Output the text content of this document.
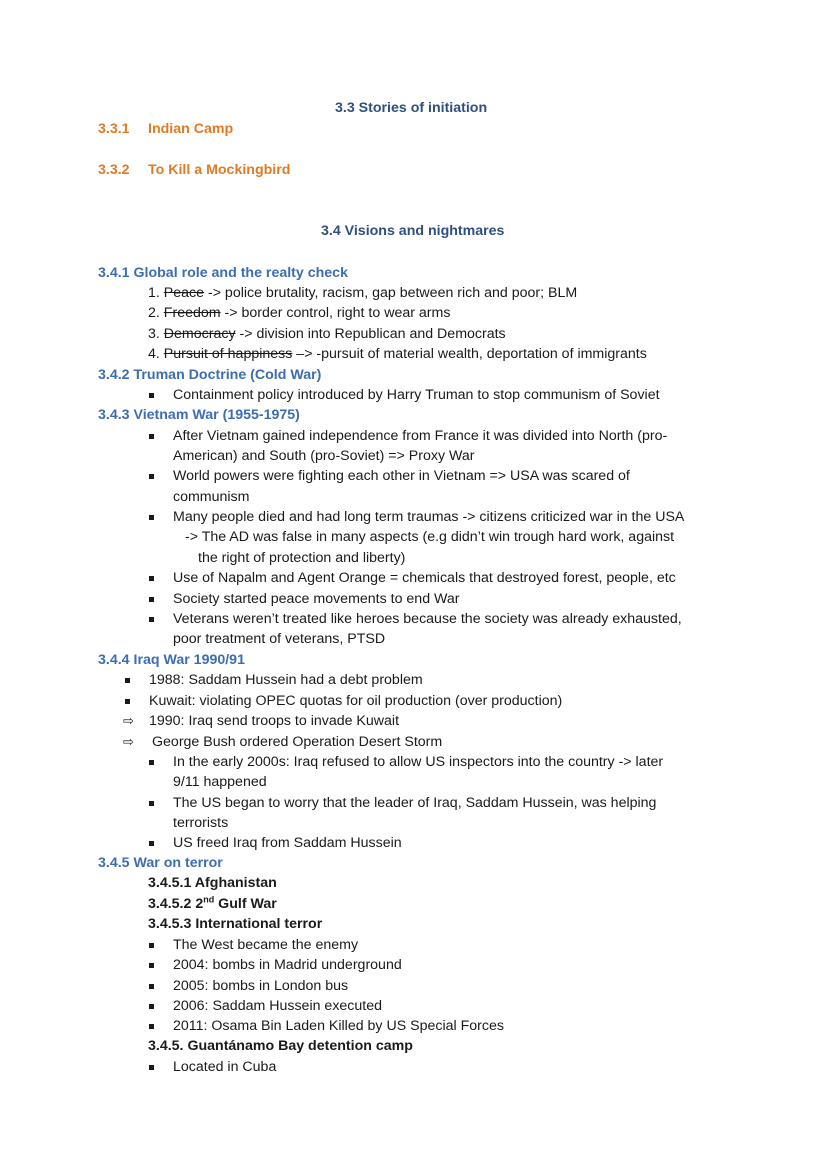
3.3 Stories of initiation
3.3.1 Indian Camp
3.3.2 To Kill a Mockingbird
3.4 Visions and nightmares
3.4.1 Global role and the realty check
1. Peace -> police brutality, racism, gap between rich and poor; BLM
2. Freedom -> border control, right to wear arms
3. Democracy -> division into Republican and Democrats
4. Pursuit of happiness –> -pursuit of material wealth, deportation of immigrants
3.4.2 Truman Doctrine (Cold War)
Containment policy introduced by Harry Truman to stop communism of Soviet
3.4.3 Vietnam War (1955-1975)
After Vietnam gained independence from France it was divided into North (pro-
American) and South (pro-Soviet) => Proxy War
World powers were fighting each other in Vietnam => USA was scared of
communism
Many people died and had long term traumas -> citizens criticized war in the USA
-> The AD was false in many aspects (e.g didn’t win trough hard work, against
the right of protection and liberty)
Use of Napalm and Agent Orange = chemicals that destroyed forest, people, etc
Society started peace movements to end War
Veterans weren’t treated like heroes because the society was already exhausted,
poor treatment of veterans, PTSD
3.4.4 Iraq War 1990/91
1988: Saddam Hussein had a debt problem
Kuwait: violating OPEC quotas for oil production (over production)
⇨ 1990: Iraq send troops to invade Kuwait
⇨ George Bush ordered Operation Desert Storm
In the early 2000s: Iraq refused to allow US inspectors into the country -> later
9/11 happened
The US began to worry that the leader of Iraq, Saddam Hussein, was helping
terrorists
US freed Iraq from Saddam Hussein
3.4.5 War on terror
3.4.5.1 Afghanistan
3.4.5.2 2nd Gulf War
3.4.5.3 International terror
The West became the enemy
2004: bombs in Madrid underground
2005: bombs in London bus
2006: Saddam Hussein executed
2011: Osama Bin Laden Killed by US Special Forces
3.4.5. Guantánamo Bay detention camp
Located in Cuba
